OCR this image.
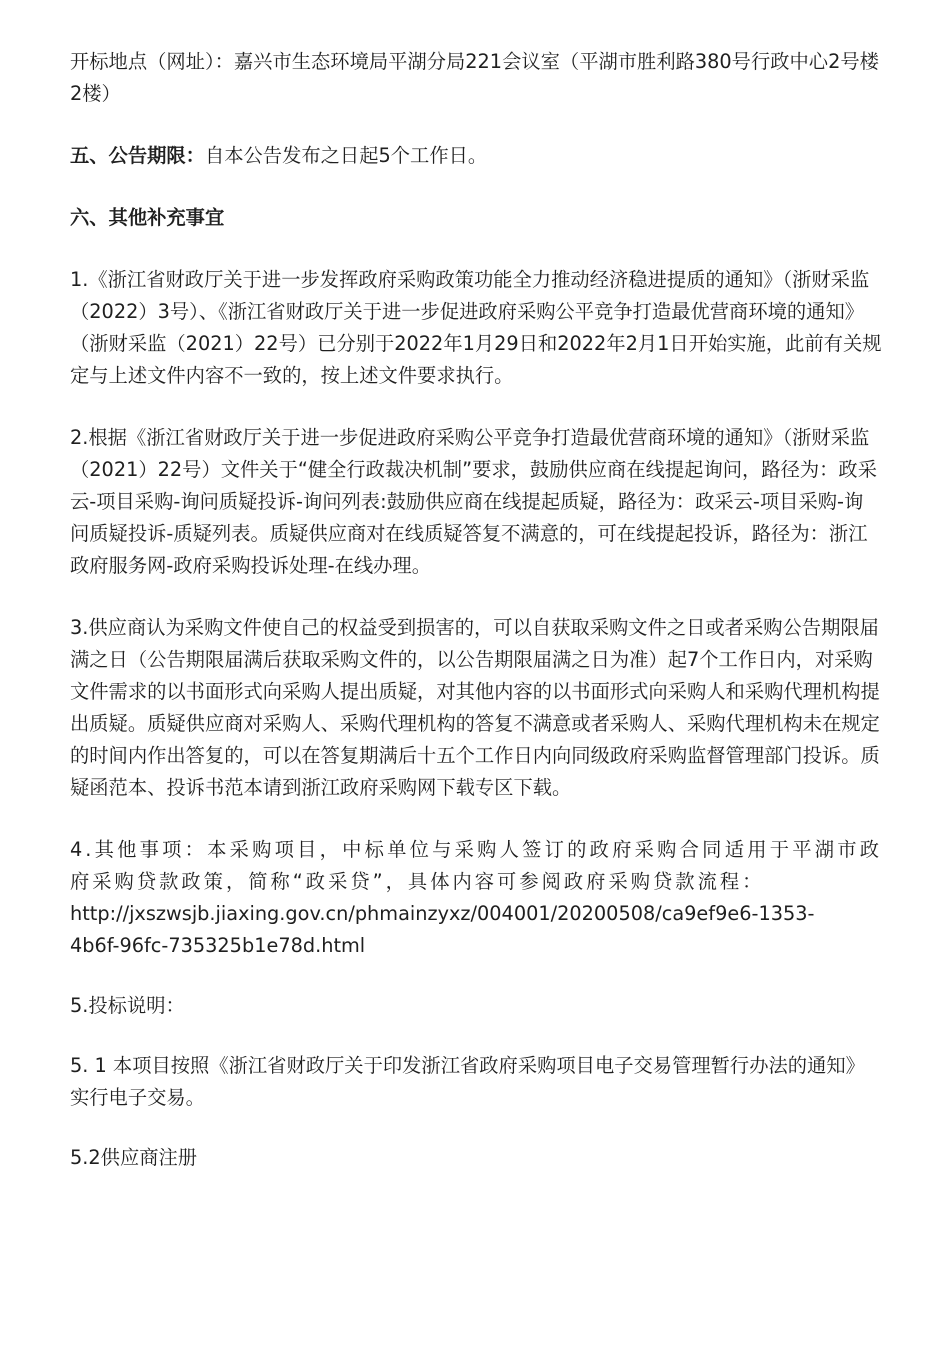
开标地点（网址）：嘉兴市生态环境局平湖分局221会议室（平湖市胜利路380号行政中心2号楼2楼）

五、公告期限：自本公告发布之日起5个工作日。

六、其他补充事宜

1.《浙江省财政厅关于进一步发挥政府采购政策功能全力推动经济稳进提质的通知》（浙财采监（2022）3号）、《浙江省财政厅关于进一步促进政府采购公平竞争打造最优营商环境的通知》（浙财采监（2021）22号）已分别于2022年1月29日和2022年2月1日开始实施，此前有关规定与上述文件内容不一致的，按上述文件要求执行。

2.根据《浙江省财政厅关于进一步促进政府采购公平竞争打造最优营商环境的通知》（浙财采监（2021）22号）文件关于“健全行政裁决机制”要求，鼓励供应商在线提起询问，路径为：政采云-项目采购-询问质疑投诉-询问列表:鼓励供应商在线提起质疑，路径为：政采云-项目采购-询问质疑投诉-质疑列表。质疑供应商对在线质疑答复不满意的，可在线提起投诉，路径为：浙江政府服务网-政府采购投诉处理-在线办理。

3.供应商认为采购文件使自己的权益受到损害的，可以自获取采购文件之日或者采购公告期限届满之日（公告期限届满后获取采购文件的，以公告期限届满之日为准）起7个工作日内，对采购文件需求的以书面形式向采购人提出质疑，对其他内容的以书面形式向采购人和采购代理机构提出质疑。质疑供应商对采购人、采购代理机构的答复不满意或者采购人、采购代理机构未在规定的时间内作出答复的，可以在答复期满后十五个工作日内向同级政府采购监督管理部门投诉。质疑函范本、投诉书范本请到浙江政府采购网下载专区下载。

4.其他事项：本采购项目，中标单位与采购人签订的政府采购合同适用于平湖市政府采购贷款政策，简称“政采贷”，具体内容可参阅政府采购贷款流程：

http://jxszwsjb.jiaxing.gov.cn/phmainzyxz/004001/20200508/ca9ef9e6-1353-

4b6f-96fc-735325b1e78d.html

5.投标说明：

5. 1 本项目按照《浙江省财政厅关于印发浙江省政府采购项目电子交易管理暂行办法的通知》实行电子交易。

5.2供应商注册
